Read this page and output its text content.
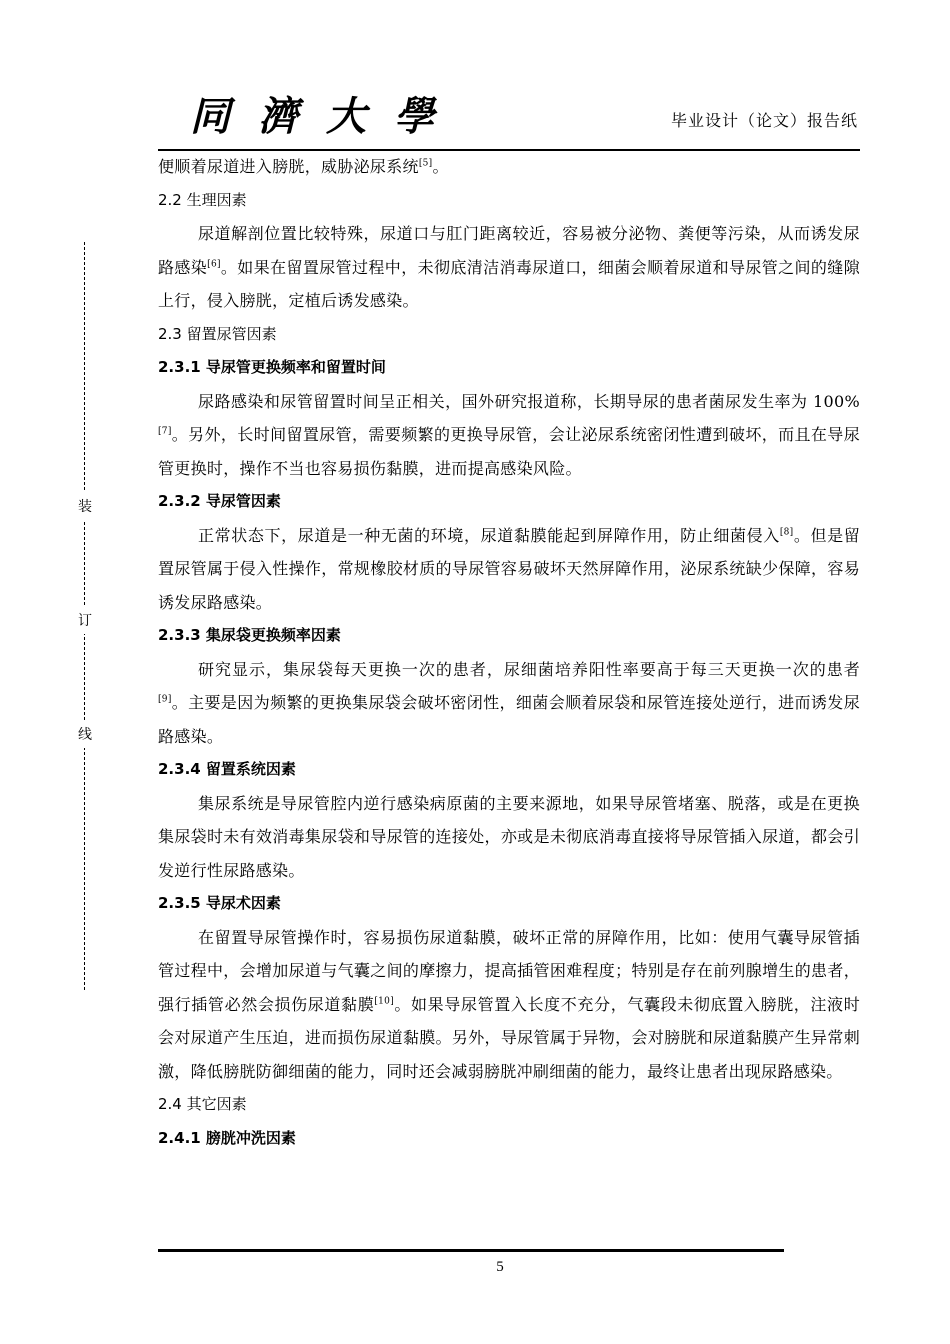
同濟大學	毕业设计（论文）报告纸
装
订
线

便顺着尿道进入膀胱，威胁泌尿系统[5]。

2.2 生理因素

尿道解剖位置比较特殊，尿道口与肛门距离较近，容易被分泌物、粪便等污染，从而诱发尿路感染[6]。如果在留置尿管过程中，未彻底清洁消毒尿道口，细菌会顺着尿道和导尿管之间的缝隙上行，侵入膀胱，定植后诱发感染。

2.3 留置尿管因素

2.3.1 导尿管更换频率和留置时间

尿路感染和尿管留置时间呈正相关，国外研究报道称，长期导尿的患者菌尿发生率为 100%[7]。另外，长时间留置尿管，需要频繁的更换导尿管，会让泌尿系统密闭性遭到破坏，而且在导尿管更换时，操作不当也容易损伤黏膜，进而提高感染风险。

2.3.2 导尿管因素

正常状态下，尿道是一种无菌的环境，尿道黏膜能起到屏障作用，防止细菌侵入[8]。但是留置尿管属于侵入性操作，常规橡胶材质的导尿管容易破坏天然屏障作用，泌尿系统缺少保障，容易诱发尿路感染。

2.3.3 集尿袋更换频率因素

研究显示，集尿袋每天更换一次的患者，尿细菌培养阳性率要高于每三天更换一次的患者[9]。主要是因为频繁的更换集尿袋会破坏密闭性，细菌会顺着尿袋和尿管连接处逆行，进而诱发尿路感染。

2.3.4 留置系统因素

集尿系统是导尿管腔内逆行感染病原菌的主要来源地，如果导尿管堵塞、脱落，或是在更换集尿袋时未有效消毒集尿袋和导尿管的连接处，亦或是未彻底消毒直接将导尿管插入尿道，都会引发逆行性尿路感染。

2.3.5 导尿术因素

在留置导尿管操作时，容易损伤尿道黏膜，破坏正常的屏障作用，比如：使用气囊导尿管插管过程中，会增加尿道与气囊之间的摩擦力，提高插管困难程度；特别是存在前列腺增生的患者，强行插管必然会损伤尿道黏膜[10]。如果导尿管置入长度不充分，气囊段未彻底置入膀胱，注液时会对尿道产生压迫，进而损伤尿道黏膜。另外，导尿管属于异物，会对膀胱和尿道黏膜产生异常刺激，降低膀胱防御细菌的能力，同时还会减弱膀胱冲刷细菌的能力，最终让患者出现尿路感染。

2.4 其它因素

2.4.1 膀胱冲洗因素

5
